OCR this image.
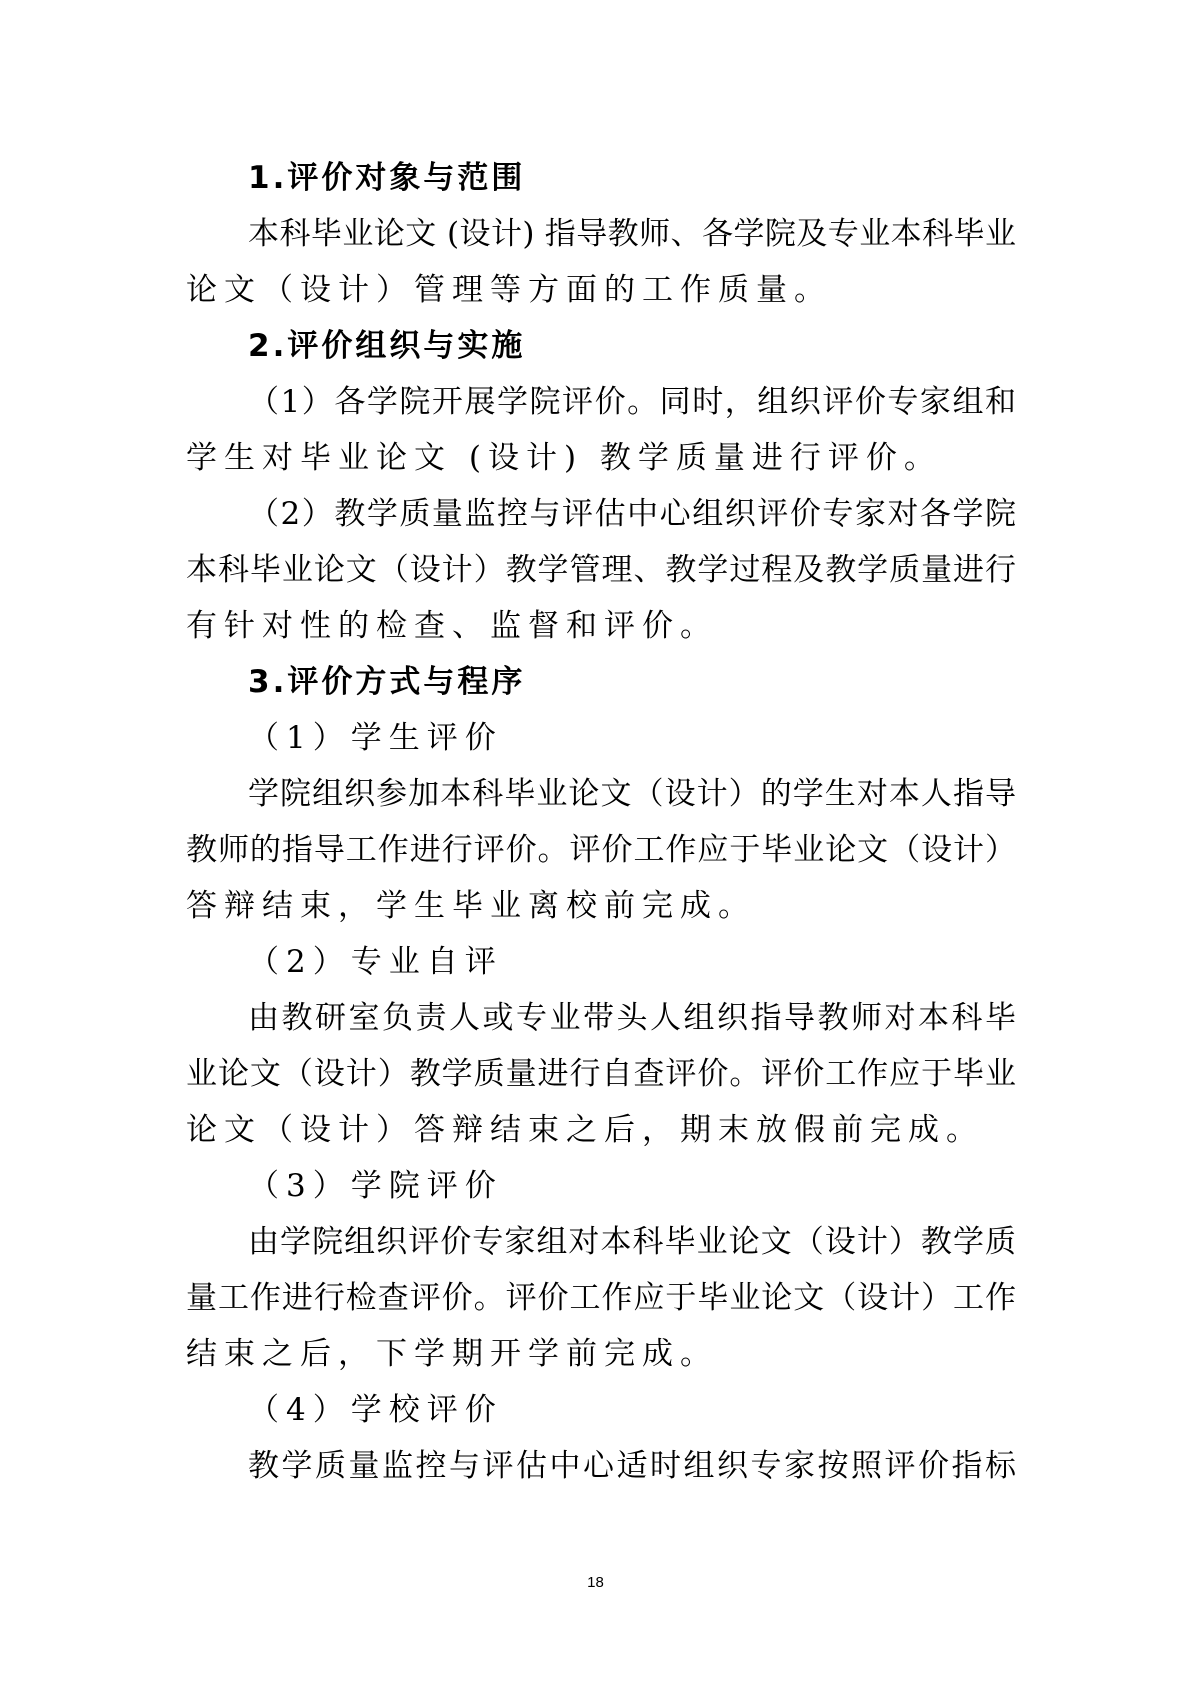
1.评价对象与范围
本科毕业论文 (设计) 指导教师、各学院及专业本科毕业
论文（设计）管理等方面的工作质量。
2.评价组织与实施
（1）各学院开展学院评价。同时，组织评价专家组和
学生对毕业论文 (设计) 教学质量进行评价。
（2）教学质量监控与评估中心组织评价专家对各学院
本科毕业论文（设计）教学管理、教学过程及教学质量进行
有针对性的检查、监督和评价。
3.评价方式与程序
（1）学生评价
学院组织参加本科毕业论文（设计）的学生对本人指导
教师的指导工作进行评价。评价工作应于毕业论文（设计）
答辩结束，学生毕业离校前完成。
（2）专业自评
由教研室负责人或专业带头人组织指导教师对本科毕
业论文（设计）教学质量进行自查评价。评价工作应于毕业
论文（设计）答辩结束之后，期末放假前完成。
（3）学院评价
由学院组织评价专家组对本科毕业论文（设计）教学质
量工作进行检查评价。评价工作应于毕业论文（设计）工作
结束之后，下学期开学前完成。
（4）学校评价
教学质量监控与评估中心适时组织专家按照评价指标
18
